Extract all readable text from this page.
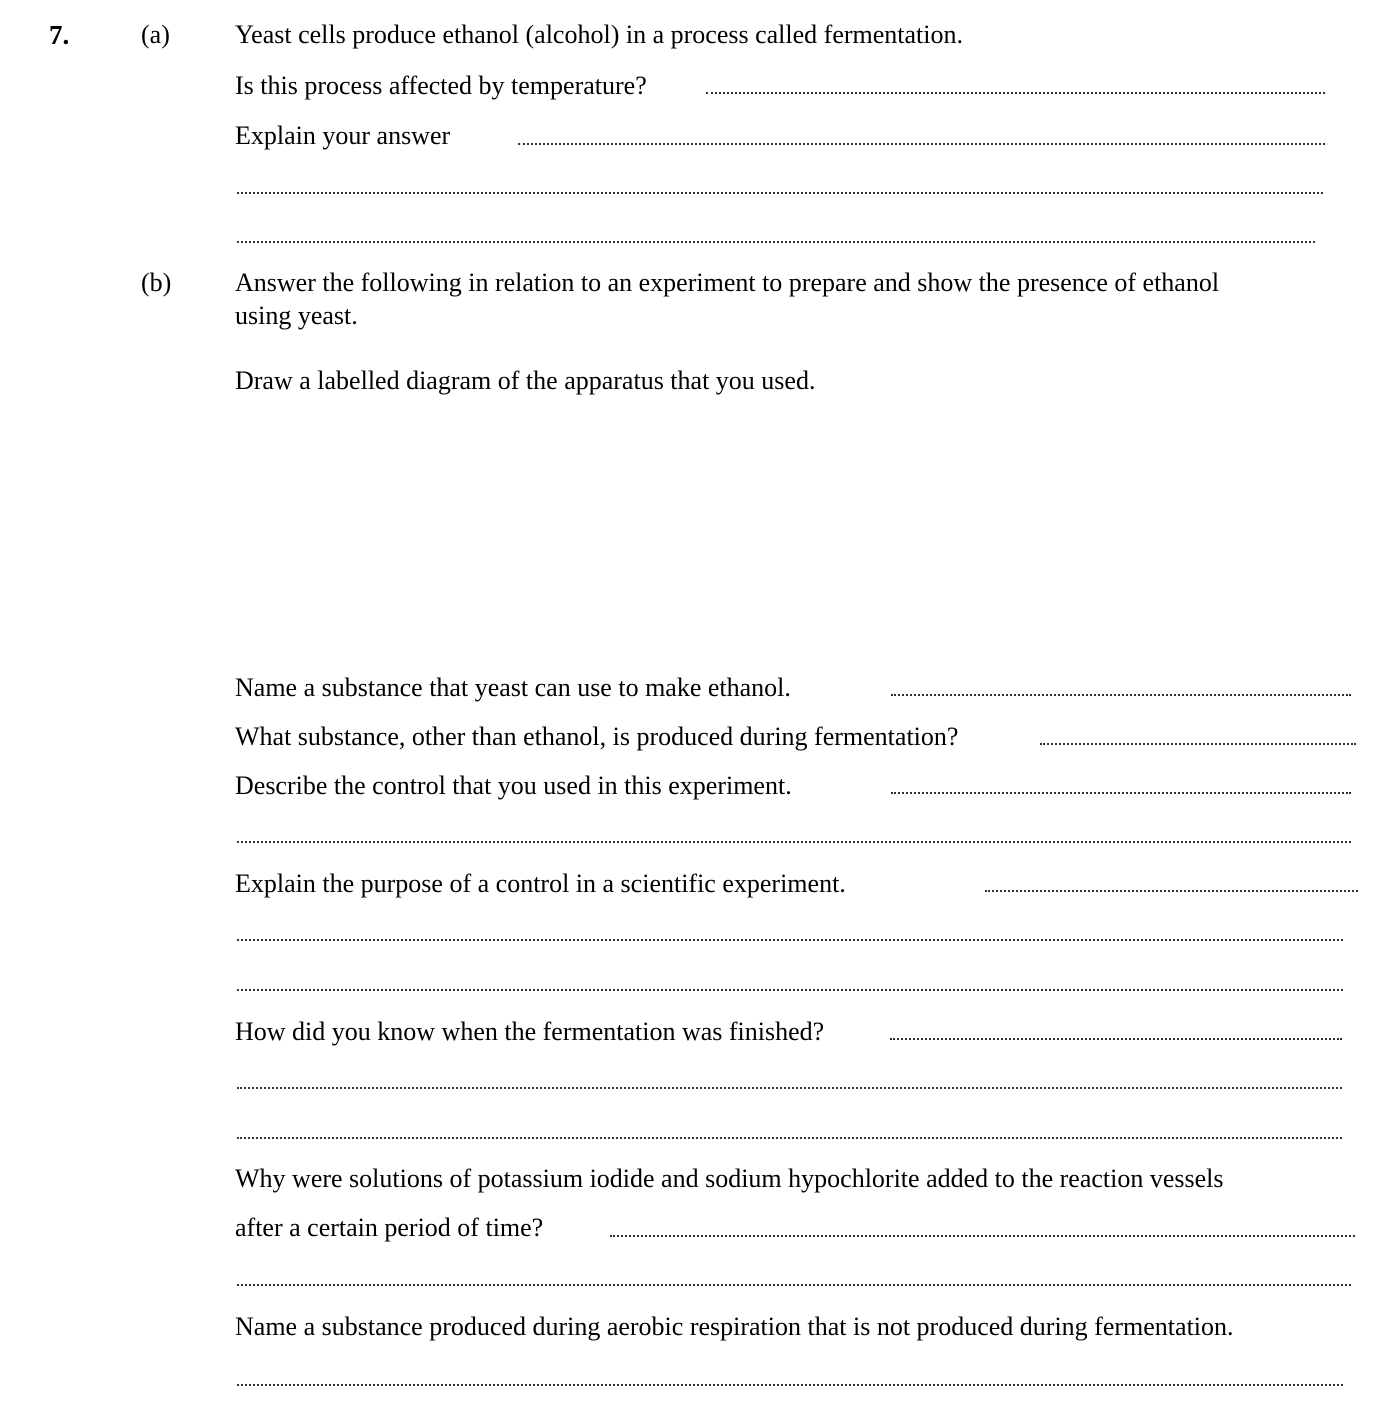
7.	(a)	Yeast cells produce ethanol (alcohol) in a process called fermentation.
Is this process affected by temperature?
Explain your answer
(b) Answer the following in relation to an experiment to prepare and show the presence of ethanol
using yeast.
Draw a labelled diagram of the apparatus that you used.
Name a substance that yeast can use to make ethanol.
What substance, other than ethanol, is produced during fermentation?
Describe the control that you used in this experiment.
Explain the purpose of a control in a scientific experiment.
How did you know when the fermentation was finished?
Why were solutions of potassium iodide and sodium hypochlorite added to the reaction vessels
after a certain period of time?
Name a substance produced during aerobic respiration that is not produced during fermentation.
